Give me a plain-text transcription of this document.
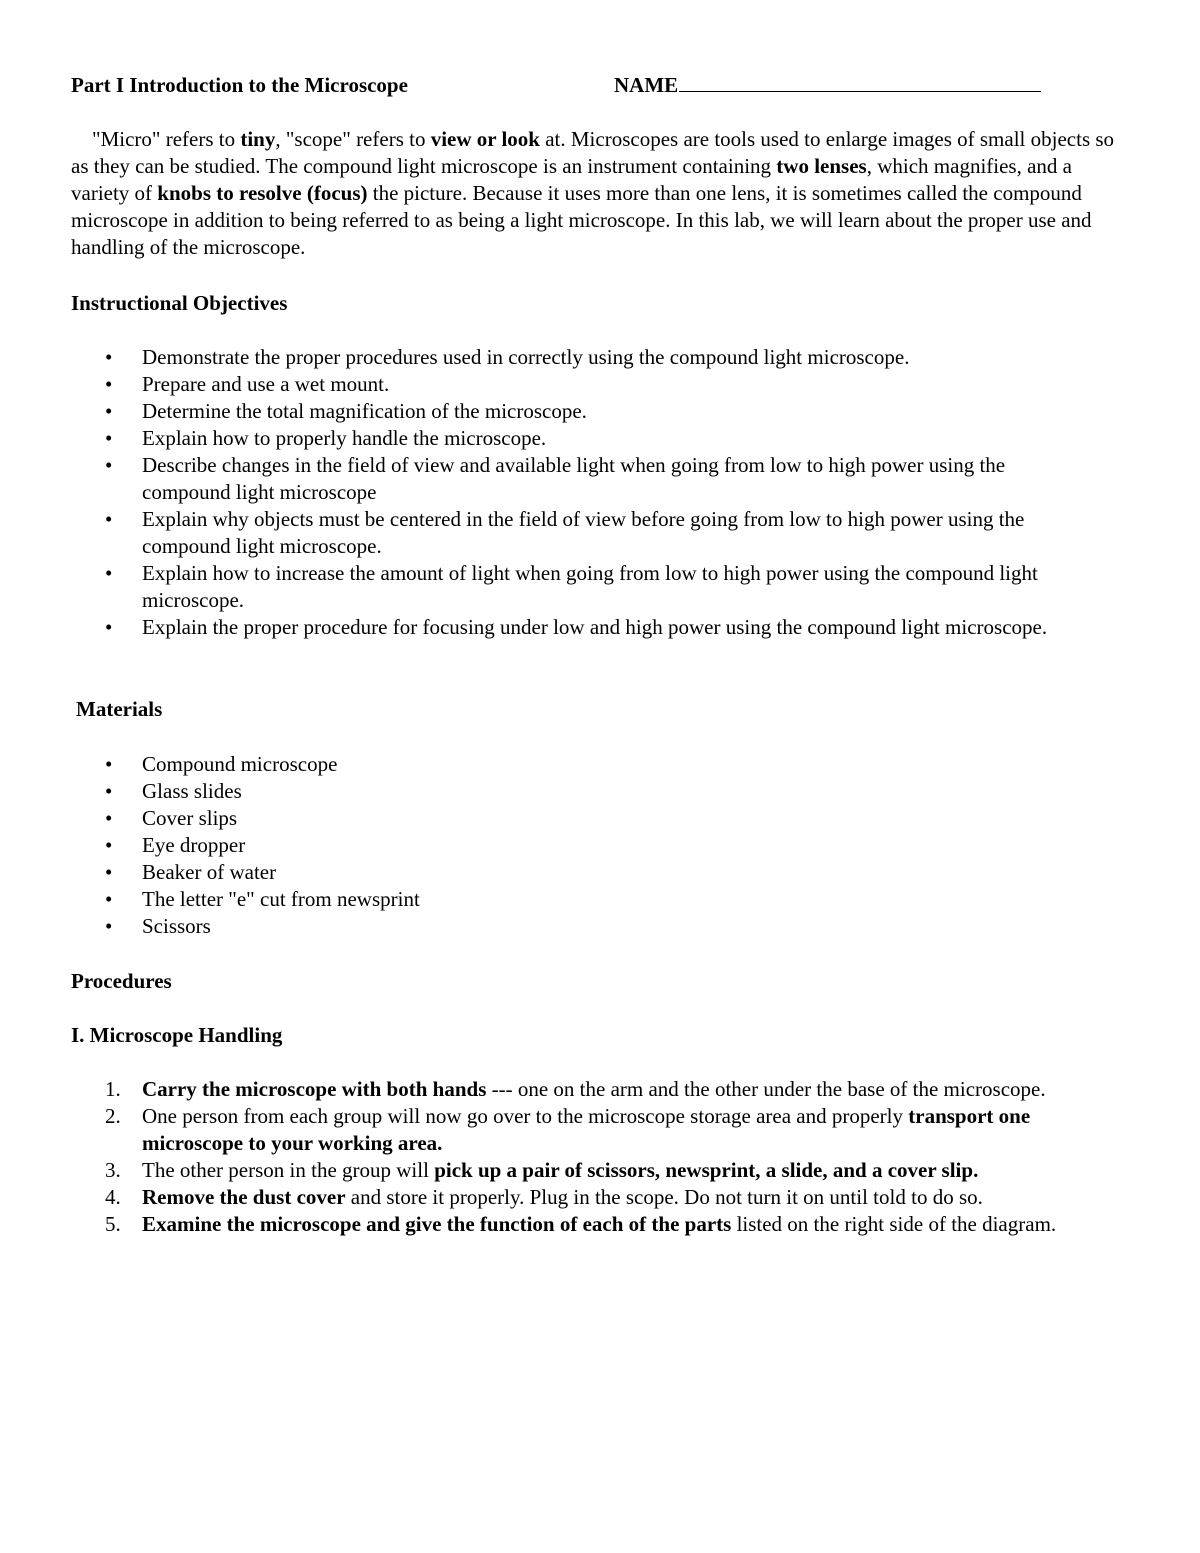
Part I Introduction to the Microscope	NAME

"Micro" refers to tiny, "scope" refers to view or look at. Microscopes are tools used to enlarge images of small objects so as they can be studied. The compound light microscope is an instrument containing two lenses, which magnifies, and a variety of knobs to resolve (focus) the picture. Because it uses more than one lens, it is sometimes called the compound microscope in addition to being referred to as being a light microscope. In this lab, we will learn about the proper use and handling of the microscope.

Instructional Objectives
• Demonstrate the proper procedures used in correctly using the compound light microscope.
• Prepare and use a wet mount.
• Determine the total magnification of the microscope.
• Explain how to properly handle the microscope.
• Describe changes in the field of view and available light when going from low to high power using the compound light microscope
• Explain why objects must be centered in the field of view before going from low to high power using the compound light microscope.
• Explain how to increase the amount of light when going from low to high power using the compound light microscope.
• Explain the proper procedure for focusing under low and high power using the compound light microscope.
Materials
• Compound microscope
• Glass slides
• Cover slips
• Eye dropper
• Beaker of water
• The letter "e" cut from newsprint
• Scissors
Procedures
I. Microscope Handling
1. Carry the microscope with both hands --- one on the arm and the other under the base of the microscope.
2. One person from each group will now go over to the microscope storage area and properly transport one microscope to your working area.
3. The other person in the group will pick up a pair of scissors, newsprint, a slide, and a cover slip.
4. Remove the dust cover and store it properly. Plug in the scope. Do not turn it on until told to do so.
5. Examine the microscope and give the function of each of the parts listed on the right side of the diagram.
